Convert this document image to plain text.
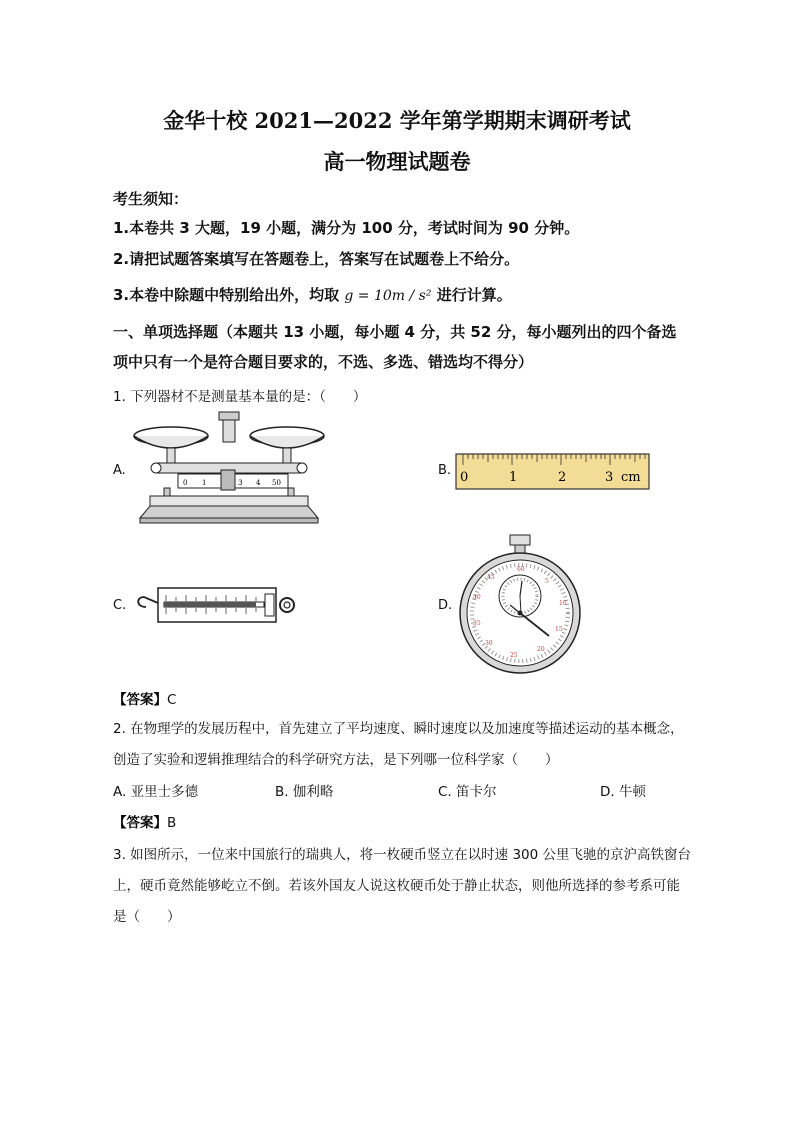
金华十校 2021—2022 学年第学期期末调研考试
高一物理试题卷
考生须知：
1.本卷共 3 大题，19 小题，满分为 100 分，考试时间为 90 分钟。
2.请把试题答案填写在答题卷上，答案写在试题卷上不给分。
3.本卷中除题中特别给出外，均取 g = 10m / s² 进行计算。
一、单项选择题（本题共 13 小题，每小题 4 分，共 52 分，每小题列出的四个备选
项中只有一个是符合题目要求的，不选、多选、错选均不得分）
1. 下列器材不是测量基本量的是：（　　）
A.
0 1	3 4 50
B. 0	1	2	3 cm
C.	D.
60
5
10
15
20
25
30
35
40
45
【答案】C
2. 在物理学的发展历程中，首先建立了平均速度、瞬时速度以及加速度等描述运动的基本概念，
创造了实验和逻辑推理结合的科学研究方法，是下列哪一位科学家（　　）
A. 亚里士多德	B. 伽利略	C. 笛卡尔	D. 牛顿
【答案】B
3. 如图所示，一位来中国旅行的瑞典人，将一枚硬币竖立在以时速 300 公里飞驰的京沪高铁窗台
上，硬币竟然能够屹立不倒。若该外国友人说这枚硬币处于静止状态，则他所选择的参考系可能
是（　　）
